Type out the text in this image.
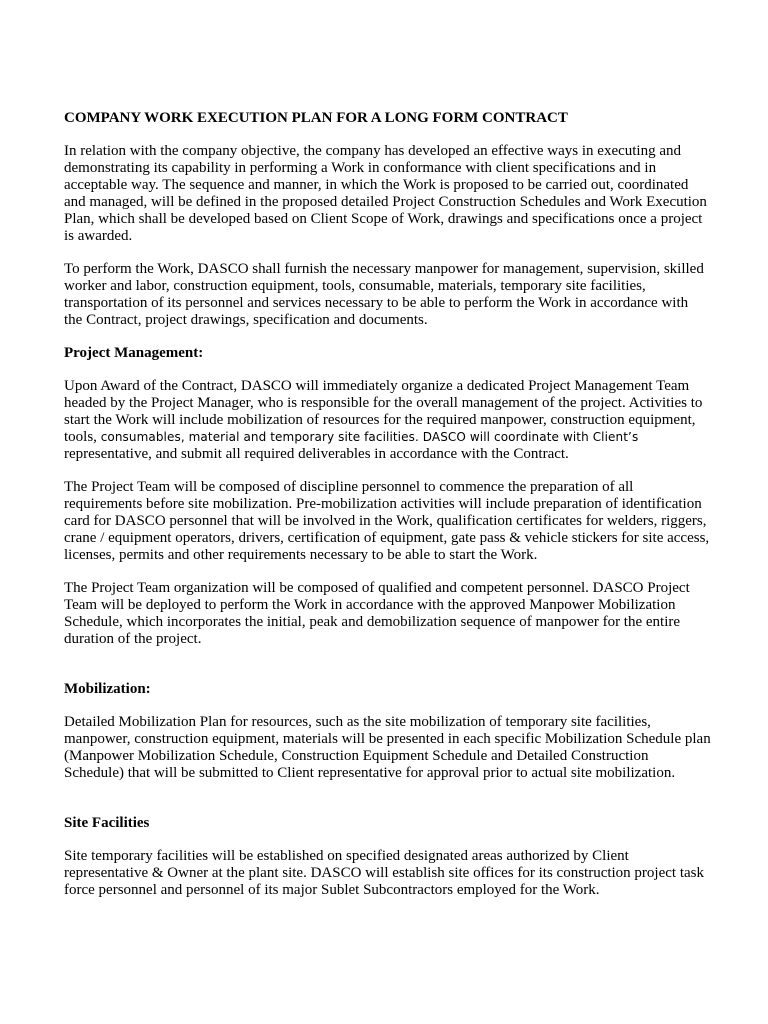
COMPANY WORK EXECUTION PLAN FOR A LONG FORM CONTRACT
In relation with the company objective, the company has developed an effective ways in executing and
demonstrating its capability in performing a Work in conformance with client specifications and in
acceptable way. The sequence and manner, in which the Work is proposed to be carried out, coordinated
and managed, will be defined in the proposed detailed Project Construction Schedules and Work Execution
Plan, which shall be developed based on Client Scope of Work, drawings and specifications once a project
is awarded.
To perform the Work, DASCO shall furnish the necessary manpower for management, supervision, skilled
worker and labor, construction equipment, tools, consumable, materials, temporary site facilities,
transportation of its personnel and services necessary to be able to perform the Work in accordance with
the Contract, project drawings, specification and documents.
Project Management:
Upon Award of the Contract, DASCO will immediately organize a dedicated Project Management Team
headed by the Project Manager, who is responsible for the overall management of the project. Activities to
start the Work will include mobilization of resources for the required manpower, construction equipment,
tools, consumables, material and temporary site facilities. DASCO will coordinate with Client’s
representative, and submit all required deliverables in accordance with the Contract.
The Project Team will be composed of discipline personnel to commence the preparation of all
requirements before site mobilization. Pre-mobilization activities will include preparation of identification
card for DASCO personnel that will be involved in the Work, qualification certificates for welders, riggers,
crane / equipment operators, drivers, certification of equipment, gate pass & vehicle stickers for site access,
licenses, permits and other requirements necessary to be able to start the Work.
The Project Team organization will be composed of qualified and competent personnel. DASCO Project
Team will be deployed to perform the Work in accordance with the approved Manpower Mobilization
Schedule, which incorporates the initial, peak and demobilization sequence of manpower for the entire
duration of the project.
Mobilization:
Detailed Mobilization Plan for resources, such as the site mobilization of temporary site facilities,
manpower, construction equipment, materials will be presented in each specific Mobilization Schedule plan
(Manpower Mobilization Schedule, Construction Equipment Schedule and Detailed Construction
Schedule) that will be submitted to Client representative for approval prior to actual site mobilization.
Site Facilities
Site temporary facilities will be established on specified designated areas authorized by Client
representative & Owner at the plant site. DASCO will establish site offices for its construction project task
force personnel and personnel of its major Sublet Subcontractors employed for the Work.
